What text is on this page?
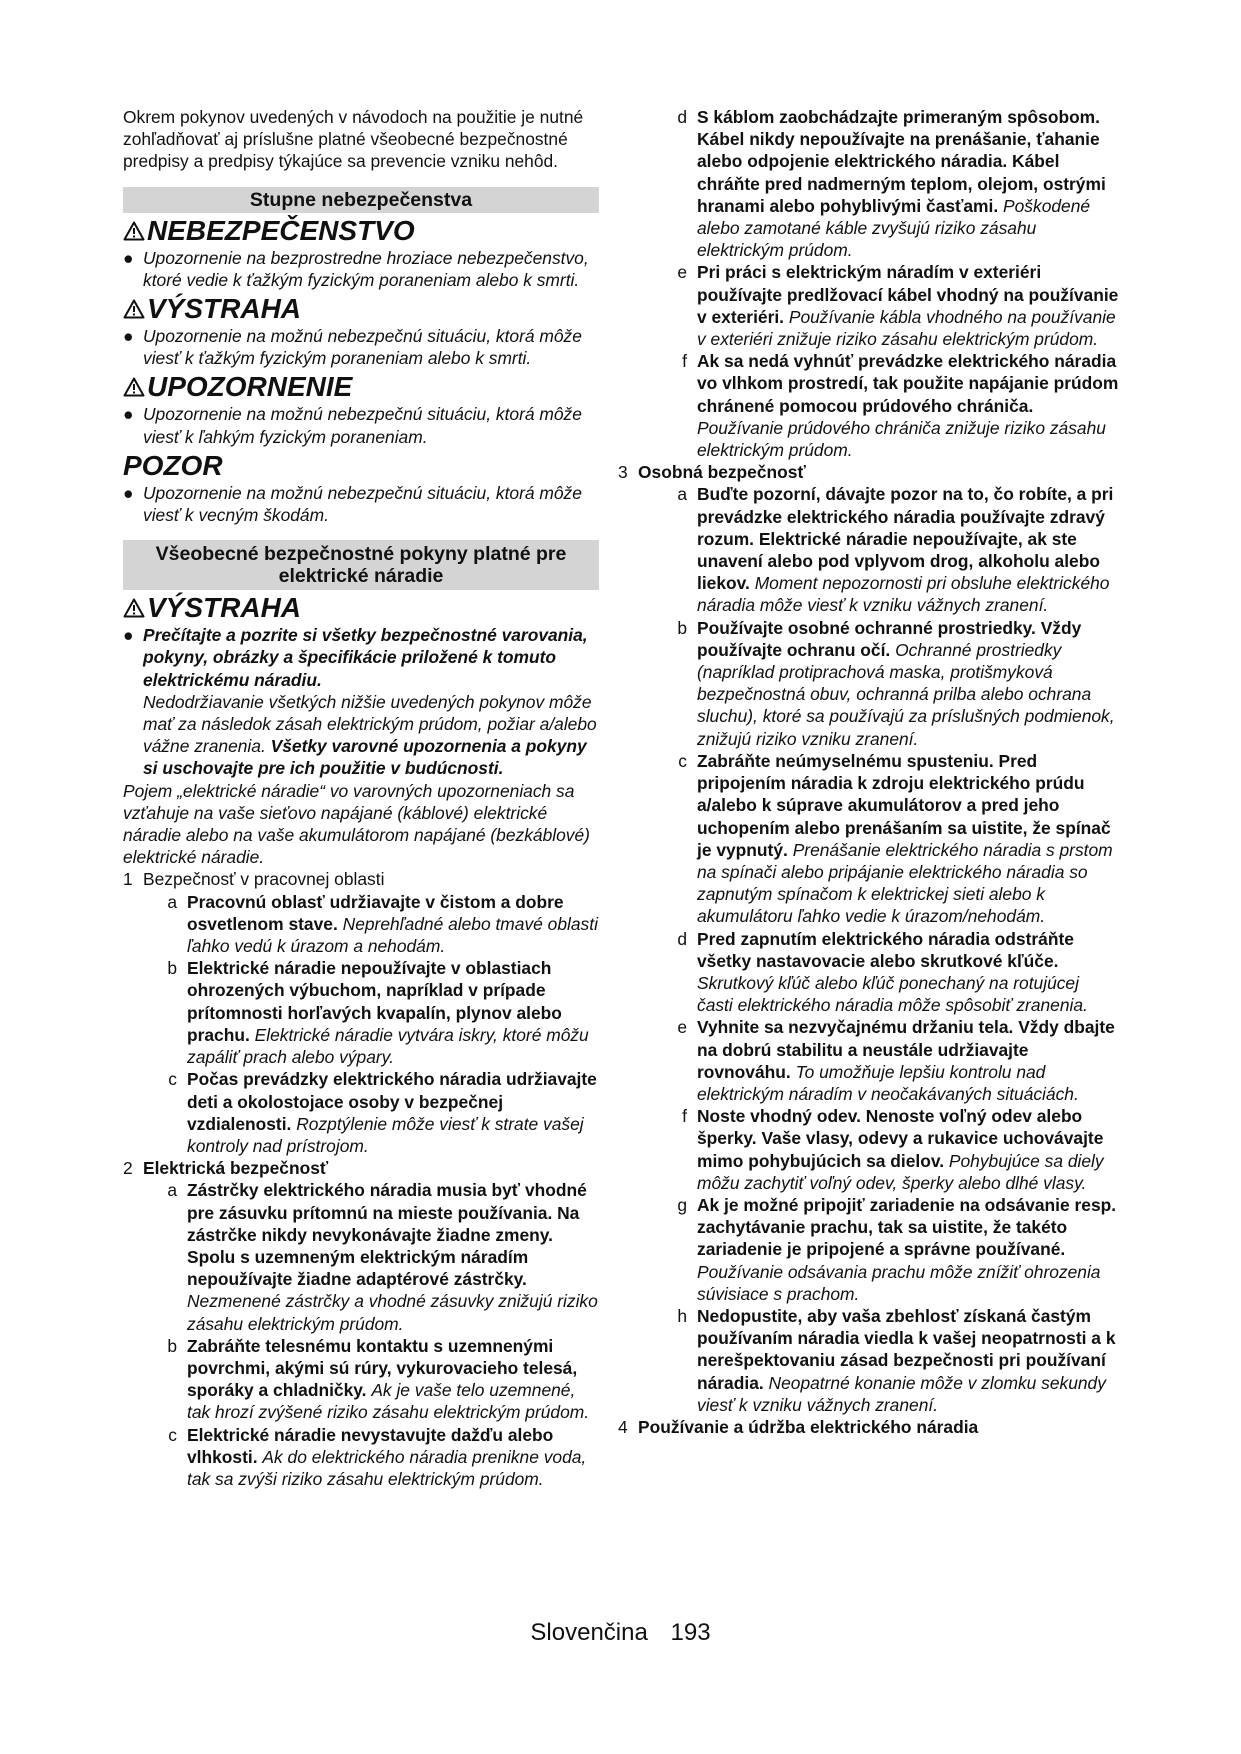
Okrem pokynov uvedených v návodoch na použitie je nutné zohľadňovať aj príslušne platné všeobecné bezpečnostné predpisy a predpisy týkajúce sa prevencie vzniku nehôd.

Stupne nebezpečenstva
NEBEZPEČENSTVO
● Upozornenie na bezprostredne hroziace nebezpečenstvo, ktoré vedie k ťažkým fyzickým poraneniam alebo k smrti.
VÝSTRAHA
● Upozornenie na možnú nebezpečnú situáciu, ktorá môže viesť k ťažkým fyzickým poraneniam alebo k smrti.
UPOZORNENIE
● Upozornenie na možnú nebezpečnú situáciu, ktorá môže viesť k ľahkým fyzickým poraneniam.
POZOR
● Upozornenie na možnú nebezpečnú situáciu, ktorá môže viesť k vecným škodám.
Všeobecné bezpečnostné pokyny platné pre elektrické náradie
VÝSTRAHA
● Prečítajte a pozrite si všetky bezpečnostné varovania, pokyny, obrázky a špecifikácie priložené k tomuto elektrickému náradiu.
Nedodržiavanie všetkých nižšie uvedených pokynov môže mať za následok zásah elektrickým prúdom, požiar a/alebo vážne zranenia. Všetky varovné upozornenia a pokyny si uschovajte pre ich použitie v budúcnosti.
Pojem „elektrické náradie“ vo varovných upozorneniach sa vzťahuje na vaše sieťovo napájané (káblové) elektrické náradie alebo na vaše akumulátorom napájané (bezkáblové) elektrické náradie.
1 Bezpečnosť v pracovnej oblasti
a Pracovnú oblasť udržiavajte v čistom a dobre osvetlenom stave. Neprehľadné alebo tmavé oblasti ľahko vedú k úrazom a nehodám.
b Elektrické náradie nepoužívajte v oblastiach ohrozených výbuchom, napríklad v prípade prítomnosti horľavých kvapalín, plynov alebo prachu. Elektrické náradie vytvára iskry, ktoré môžu zapáliť prach alebo výpary.
c Počas prevádzky elektrického náradia udržiavajte deti a okolostojace osoby v bezpečnej vzdialenosti. Rozptýlenie môže viesť k strate vašej kontroly nad prístrojom.
2 Elektrická bezpečnosť
a Zástrčky elektrického náradia musia byť vhodné pre zásuvku prítomnú na mieste používania. Na zástrčke nikdy nevykonávajte žiadne zmeny. Spolu s uzemneným elektrickým náradím nepoužívajte žiadne adaptérové zástrčky. Nezmenené zástrčky a vhodné zásuvky znižujú riziko zásahu elektrickým prúdom.
b Zabráňte telesnému kontaktu s uzemnenými povrchmi, akými sú rúry, vykurovacieho telesá, sporáky a chladničky. Ak je vaše telo uzemnené, tak hrozí zvýšené riziko zásahu elektrickým prúdom.
c Elektrické náradie nevystavujte dažďu alebo vlhkosti. Ak do elektrického náradia prenikne voda, tak sa zvýši riziko zásahu elektrickým prúdom.
d S káblom zaobchádzajte primeraným spôsobom. Kábel nikdy nepoužívajte na prenášanie, ťahanie alebo odpojenie elektrického náradia. Kábel chráňte pred nadmerným teplom, olejom, ostrými hranami alebo pohyblivými časťami. Poškodené alebo zamotané káble zvyšujú riziko zásahu elektrickým prúdom.
e Pri práci s elektrickým náradím v exteriéri používajte predlžovací kábel vhodný na používanie v exteriéri. Používanie kábla vhodného na používanie v exteriéri znižuje riziko zásahu elektrickým prúdom.
f Ak sa nedá vyhnúť prevádzke elektrického náradia vo vlhkom prostredí, tak použite napájanie prúdom chránené pomocou prúdového chrániča. Používanie prúdového chrániča znižuje riziko zásahu elektrickým prúdom.
3 Osobná bezpečnosť
a Buďte pozorní, dávajte pozor na to, čo robíte, a pri prevádzke elektrického náradia používajte zdravý rozum. Elektrické náradie nepoužívajte, ak ste unavení alebo pod vplyvom drog, alkoholu alebo liekov. Moment nepozornosti pri obsluhe elektrického náradia môže viesť k vzniku vážnych zranení.
b Používajte osobné ochranné prostriedky. Vždy používajte ochranu očí. Ochranné prostriedky (napríklad protiprachová maska, protišmyková bezpečnostná obuv, ochranná prilba alebo ochrana sluchu), ktoré sa používajú za príslušných podmienok, znižujú riziko vzniku zranení.
c Zabráňte neúmyselnému spusteniu. Pred pripojením náradia k zdroju elektrického prúdu a/alebo k súprave akumulátorov a pred jeho uchopením alebo prenášaním sa uistite, že spínač je vypnutý. Prenášanie elektrického náradia s prstom na spínači alebo pripájanie elektrického náradia so zapnutým spínačom k elektrickej sieti alebo k akumulátoru ľahko vedie k úrazom/nehodám.
d Pred zapnutím elektrického náradia odstráňte všetky nastavovacie alebo skrutkové kľúče. Skrutkový kľúč alebo kľúč ponechaný na rotujúcej časti elektrického náradia môže spôsobiť zranenia.
e Vyhnite sa nezvyčajnému držaniu tela. Vždy dbajte na dobrú stabilitu a neustále udržiavajte rovnováhu. To umožňuje lepšiu kontrolu nad elektrickým náradím v neočakávaných situáciách.
f Noste vhodný odev. Nenoste voľný odev alebo šperky. Vaše vlasy, odevy a rukavice uchovávajte mimo pohybujúcich sa dielov. Pohybujúce sa diely môžu zachytiť voľný odev, šperky alebo dlhé vlasy.
g Ak je možné pripojiť zariadenie na odsávanie resp. zachytávanie prachu, tak sa uistite, že takéto zariadenie je pripojené a správne používané. Používanie odsávania prachu môže znížiť ohrozenia súvisiace s prachom.
h Nedopustite, aby vaša zbehlosť získaná častým používaním náradia viedla k vašej neopatrnosti a k nerešpektovaniu zásad bezpečnosti pri používaní náradia. Neopatrné konanie môže v zlomku sekundy viesť k vzniku vážnych zranení.
4 Používanie a údržba elektrického náradia
Slovenčina 193
